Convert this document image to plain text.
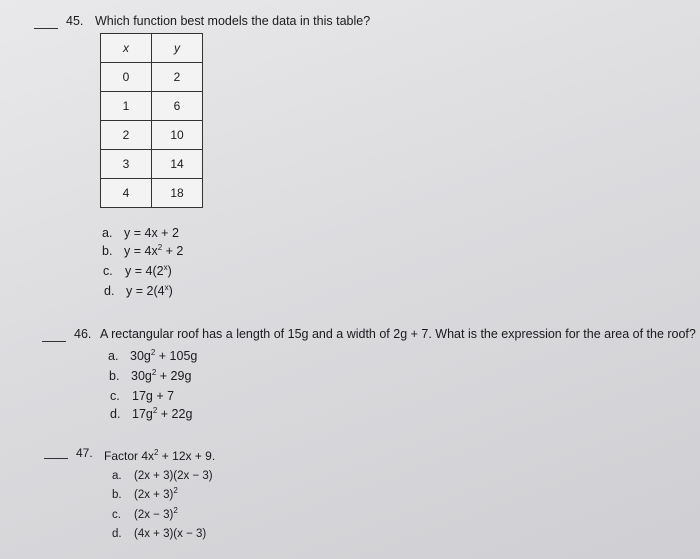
45. Which function best models the data in this table?
x	y
0	2
1	6
2	10
3	14
4	18
a. y = 4x + 2
b. $y = 4x^2 + 2$
c. $y = 4(2^x)$
d. $y = 2(4^x)$
46. A rectangular roof has a length of 15g and a width of 2g + 7. What is the expression for the area of the roof?
a. $30g^2 + 105g$
b. $30g^2 + 29g$
c. 17g + 7
d. $17g^2 + 22g$
47. Factor $4x^2 + 12x + 9$.
a. (2x + 3)(2x − 3)
b. $(2x + 3)^2$
c. $(2x - 3)^2$
d. (4x + 3)(x − 3)
